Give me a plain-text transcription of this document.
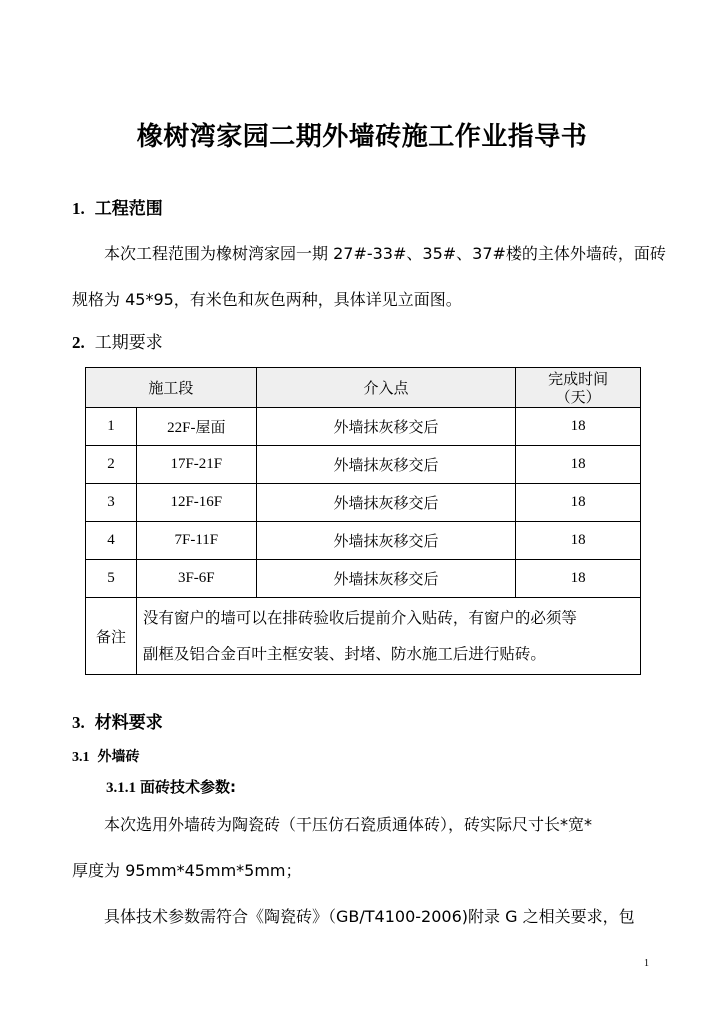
橡树湾家园二期外墙砖施工作业指导书
1. 工程范围
本次工程范围为橡树湾家园一期 27#-33#、35#、37#楼的主体外墙砖，面砖
规格为 45*95，有米色和灰色两种，具体详见立面图。
2. 工期要求
施工段		介入点	完成时间
（天）

1	22F-屋面	外墙抹灰移交后	18
2	17F-21F	外墙抹灰移交后	18
3	12F-16F	外墙抹灰移交后	18
4	7F-11F	外墙抹灰移交后	18
5	3F-6F	外墙抹灰移交后	18
备注	没有窗户的墙可以在排砖验收后提前介入贴砖，有窗户的必须等
副框及铝合金百叶主框安装、封堵、防水施工后进行贴砖。		
3. 材料要求
3.1 外墙砖
3.1.1 面砖技术参数:
本次选用外墙砖为陶瓷砖（干压仿石瓷质通体砖），砖实际尺寸长*宽*
厚度为 95mm*45mm*5mm；
具体技术参数需符合《陶瓷砖》（GB/T4100-2006)附录 G 之相关要求，包
1
